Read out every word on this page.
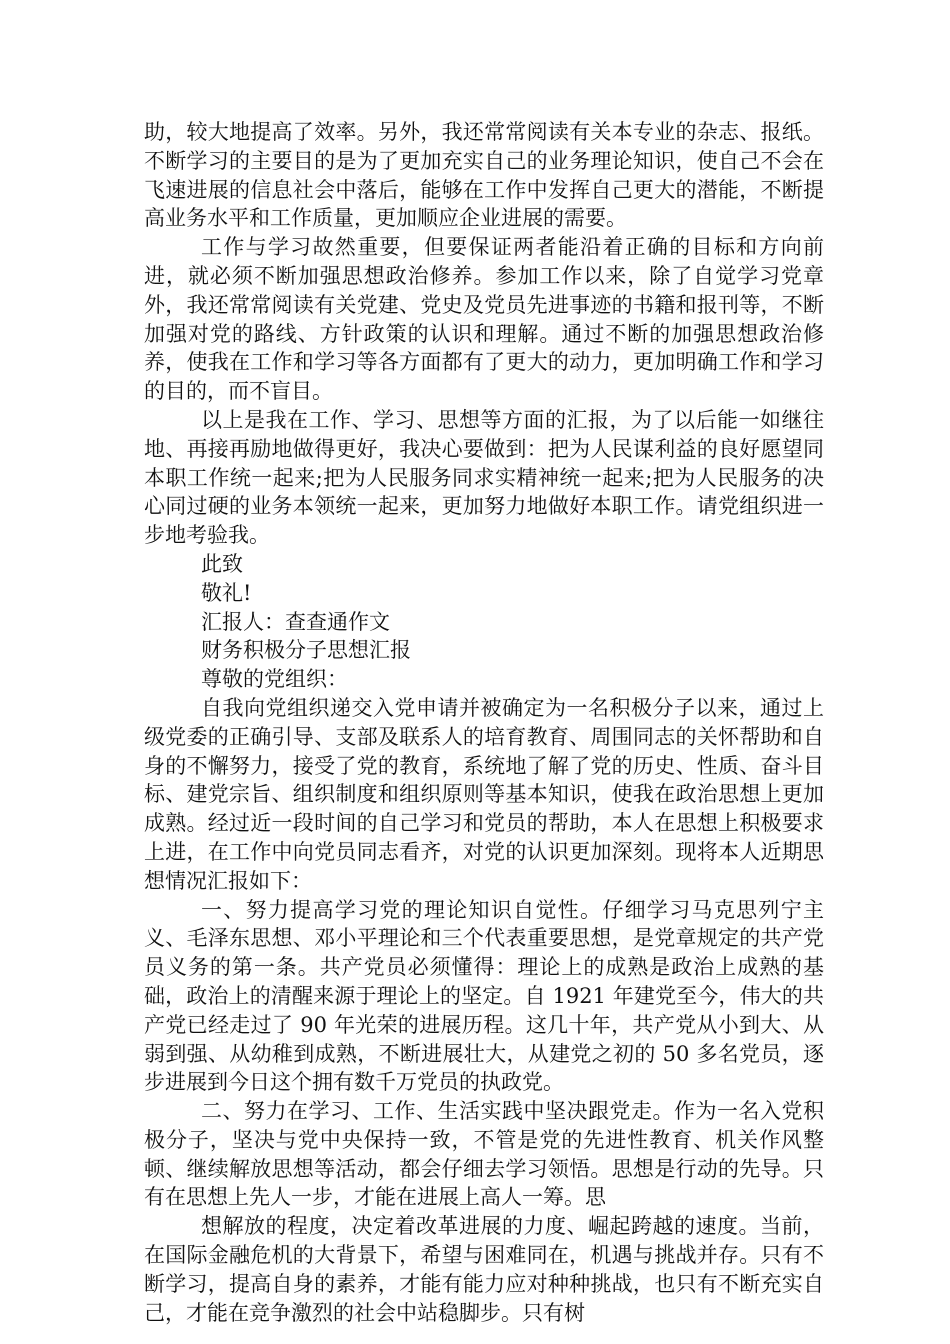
助，较大地提高了效率。另外，我还常常阅读有关本专业的杂志、报纸。不断学习的主要目的是为了更加充实自己的业务理论知识，使自己不会在飞速进展的信息社会中落后，能够在工作中发挥自己更大的潜能，不断提高业务水平和工作质量，更加顺应企业进展的需要。

工作与学习故然重要，但要保证两者能沿着正确的目标和方向前进，就必须不断加强思想政治修养。参加工作以来，除了自觉学习党章外，我还常常阅读有关党建、党史及党员先进事迹的书籍和报刊等，不断加强对党的路线、方针政策的认识和理解。通过不断的加强思想政治修养，使我在工作和学习等各方面都有了更大的动力，更加明确工作和学习的目的，而不盲目。

以上是我在工作、学习、思想等方面的汇报，为了以后能一如继往地、再接再励地做得更好，我决心要做到：把为人民谋利益的良好愿望同本职工作统一起来;把为人民服务同求实精神统一起来;把为人民服务的决心同过硬的业务本领统一起来，更加努力地做好本职工作。请党组织进一步地考验我。

此致

敬礼!

汇报人：查查通作文

财务积极分子思想汇报

尊敬的党组织：

自我向党组织递交入党申请并被确定为一名积极分子以来，通过上级党委的正确引导、支部及联系人的培育教育、周围同志的关怀帮助和自身的不懈努力，接受了党的教育，系统地了解了党的历史、性质、奋斗目标、建党宗旨、组织制度和组织原则等基本知识，使我在政治思想上更加成熟。经过近一段时间的自己学习和党员的帮助，本人在思想上积极要求上进，在工作中向党员同志看齐，对党的认识更加深刻。现将本人近期思想情况汇报如下：

一、努力提高学习党的理论知识自觉性。仔细学习马克思列宁主义、毛泽东思想、邓小平理论和三个代表重要思想，是党章规定的共产党员义务的第一条。共产党员必须懂得：理论上的成熟是政治上成熟的基础，政治上的清醒来源于理论上的坚定。自 1921 年建党至今，伟大的共产党已经走过了 90 年光荣的进展历程。这几十年，共产党从小到大、从弱到强、从幼稚到成熟，不断进展壮大，从建党之初的 50 多名党员，逐步进展到今日这个拥有数千万党员的执政党。

二、努力在学习、工作、生活实践中坚决跟党走。作为一名入党积极分子，坚决与党中央保持一致，不管是党的先进性教育、机关作风整顿、继续解放思想等活动，都会仔细去学习领悟。思想是行动的先导。只有在思想上先人一步，才能在进展上高人一筹。思

想解放的程度，决定着改革进展的力度、崛起跨越的速度。当前，在国际金融危机的大背景下，希望与困难同在，机遇与挑战并存。只有不断学习，提高自身的素养，才能有能力应对种种挑战，也只有不断充实自己，才能在竞争激烈的社会中站稳脚步。只有树
